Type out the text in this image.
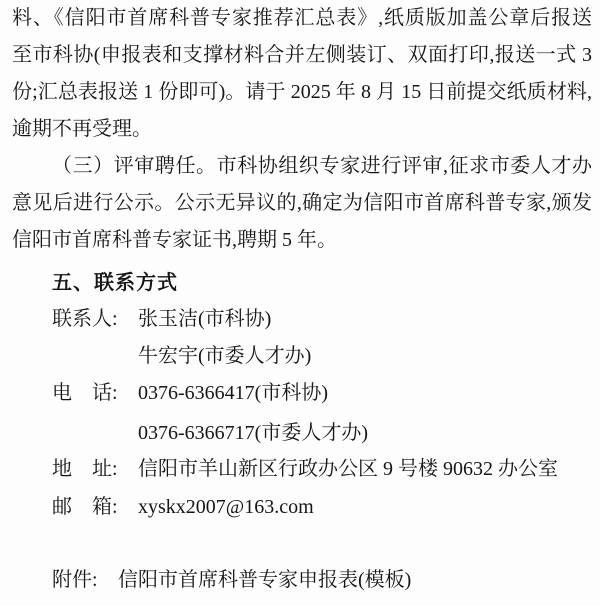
料、《信阳市首席科普专家推荐汇总表》,纸质版加盖公章后报送
至市科协(申报表和支撑材料合并左侧装订、双面打印,报送一式 3
份;汇总表报送 1 份即可)。请于 2025 年 8 月 15 日前提交纸质材料,
逾期不再受理。
（三）评审聘任。市科协组织专家进行评审,征求市委人才办
意见后进行公示。公示无异议的,确定为信阳市首席科普专家,颁发
信阳市首席科普专家证书,聘期 5 年。
五、联系方式
联系人:	张玉洁(市科协)
牛宏宇(市委人才办)
电　话:	0376-6366417(市科协)
0376-6366717(市委人才办)
地　址:	信阳市羊山新区行政办公区 9 号楼 90632 办公室
邮　箱:	xyskx2007@163.com
附件:	信阳市首席科普专家申报表(模板)
